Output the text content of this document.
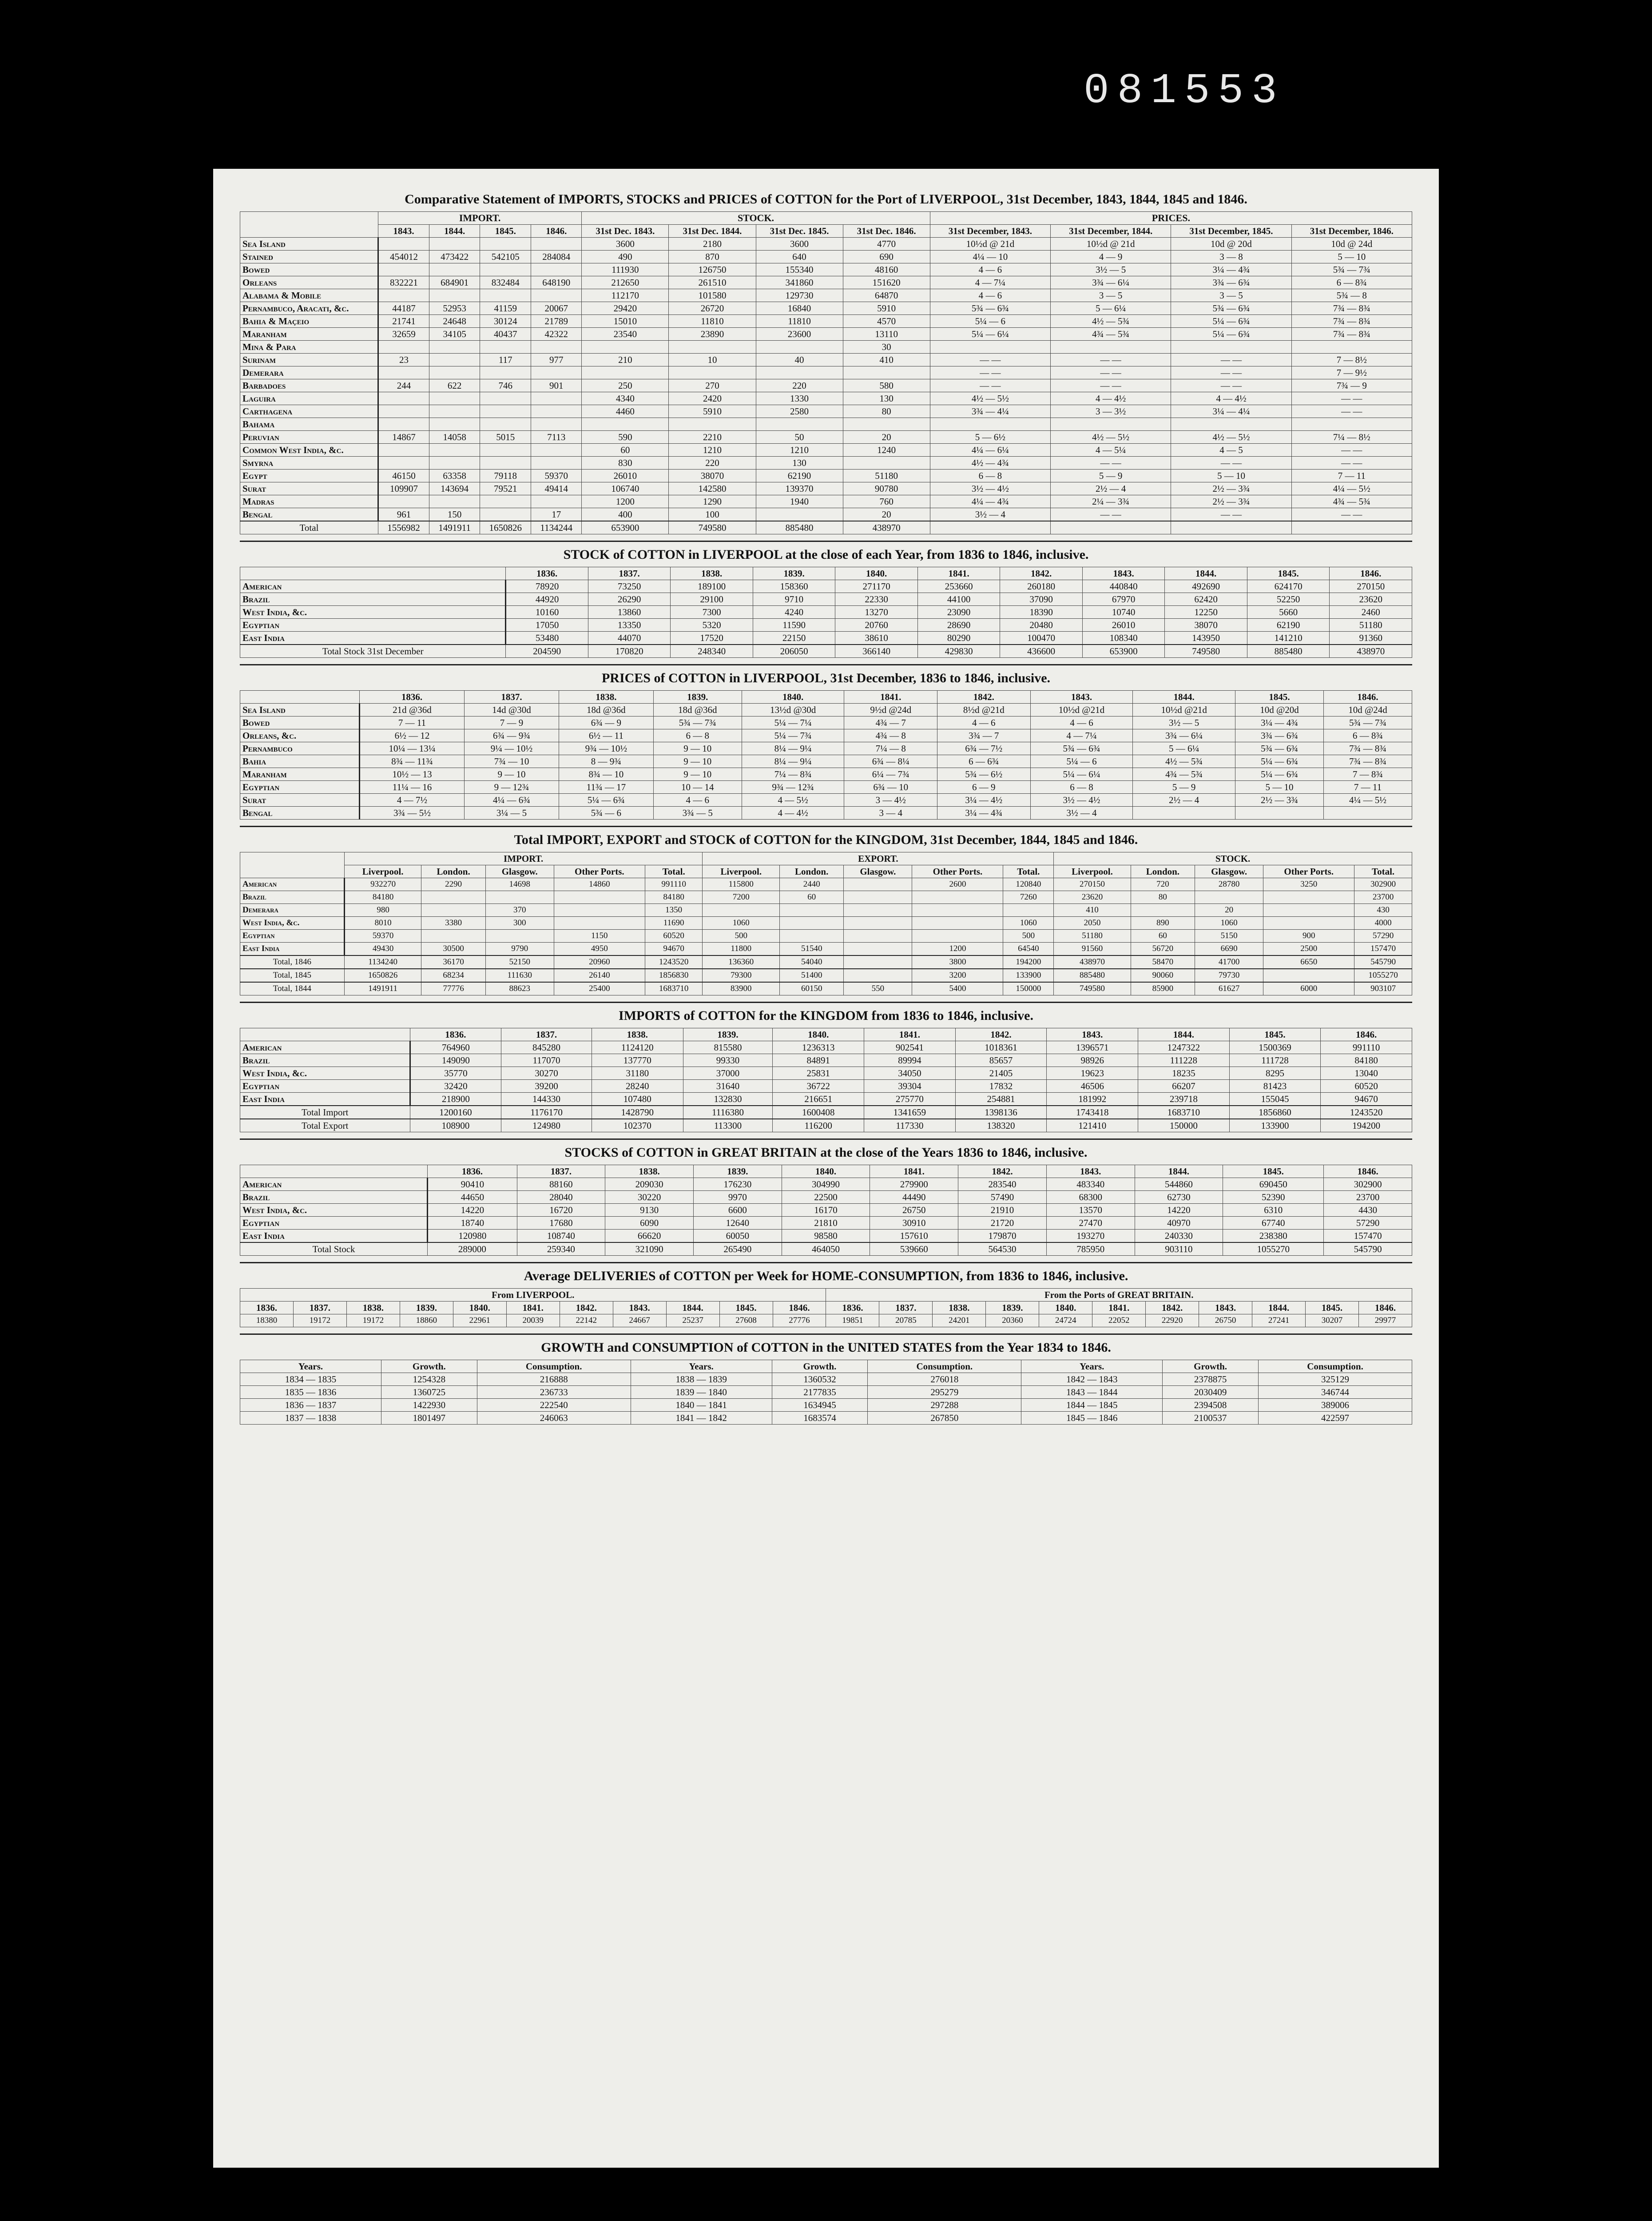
081553
Comparative Statement of IMPORTS, STOCKS and PRICES of COTTON for the Port of LIVERPOOL, 31st December, 1843, 1844, 1845 and 1846.
	IMPORT.				STOCK.				PRICES.			
	1843.	1844.	1845.	1846.	31st Dec. 1843.	31st Dec. 1844.	31st Dec. 1845.	31st Dec. 1846.	31st December, 1843.	31st December, 1844.	31st December, 1845.	31st December, 1846.
Sea Island					3600	2180	3600	4770	10½d @ 21d	10½d @ 21d	10d @ 20d	10d @ 24d
Stained	454012	473422	542105	284084	490	870	640	690	4¼ — 10	4 — 9	3 — 8	5 — 10
Bowed					111930	126750	155340	48160	4 — 6	3½ — 5	3¼ — 4¾	5¾ — 7¾
Orleans	832221	684901	832484	648190	212650	261510	341860	151620	4 — 7¼	3¾ — 6¼	3¾ — 6¾	6 — 8¾
Alabama & Mobile					112170	101580	129730	64870	4 — 6	3 — 5	3 — 5	5¾ — 8
Pernambuco, Aracati, &c.	44187	52953	41159	20067	29420	26720	16840	5910	5¾ — 6¾	5 — 6¼	5¾ — 6¾	7¾ — 8¾
Bahia & Maçeio	21741	24648	30124	21789	15010	11810	11810	4570	5¼ — 6	4½ — 5¾	5¼ — 6¾	7¾ — 8¾
Maranham	32659	34105	40437	42322	23540	23890	23600	13110	5¼ — 6¼	4¾ — 5¾	5¼ — 6¾	7¾ — 8¾
Mina & Para								30				
Surinam	23		117	977	210	10	40	410	— —	— —	— —	7 — 8½
Demerara									— —	— —	— —	7 — 9½
Barbadoes	244	622	746	901	250	270	220	580	— —	— —	— —	7¾ — 9
Laguira					4340	2420	1330	130	4½ — 5½	4 — 4½	4 — 4½	— —
Carthagena					4460	5910	2580	80	3¾ — 4¼	3 — 3½	3¼ — 4¼	— —
Bahama												
Peruvian	14867	14058	5015	7113	590	2210	50	20	5 — 6½	4½ — 5½	4½ — 5½	7¼ — 8½
Common West India, &c.					60	1210	1210	1240	4¼ — 6¼	4 — 5¼	4 — 5	— —
Smyrna					830	220	130		4½ — 4¾	— —	— —	— —
Egypt	46150	63358	79118	59370	26010	38070	62190	51180	6 — 8	5 — 9	5 — 10	7 — 11
Surat	109907	143694	79521	49414	106740	142580	139370	90780	3½ — 4½	2½ — 4	2½ — 3¾	4¼ — 5½
Madras					1200	1290	1940	760	4¼ — 4¾	2¼ — 3¾	2½ — 3¾	4¾ — 5¾
Bengal	961	150		17	400	100		20	3½ — 4	— —	— —	— —
Total	1556982	1491911	1650826	1134244	653900	749580	885480	438970				
STOCK of COTTON in LIVERPOOL at the close of each Year, from 1836 to 1846, inclusive.
	1836.	1837.	1838.	1839.	1840.	1841.	1842.	1843.	1844.	1845.	1846.
American	78920	73250	189100	158360	271170	253660	260180	440840	492690	624170	270150
Brazil	44920	26290	29100	9710	22330	44100	37090	67970	62420	52250	23620
West India, &c.	10160	13860	7300	4240	13270	23090	18390	10740	12250	5660	2460
Egyptian	17050	13350	5320	11590	20760	28690	20480	26010	38070	62190	51180
East India	53480	44070	17520	22150	38610	80290	100470	108340	143950	141210	91360
Total Stock 31st December	204590	170820	248340	206050	366140	429830	436600	653900	749580	885480	438970
PRICES of COTTON in LIVERPOOL, 31st December, 1836 to 1846, inclusive.
	1836.	1837.	1838.	1839.	1840.	1841.	1842.	1843.	1844.	1845.	1846.
Sea Island	21d @36d	14d @30d	18d @36d	18d @36d	13½d @30d	9½d @24d	8½d @21d	10½d @21d	10½d @21d	10d @20d	10d @24d
Bowed	7 — 11	7 — 9	6¾ — 9	5¾ — 7¾	5¼ — 7¼	4¾ — 7	4 — 6	4 — 6	3½ — 5	3¼ — 4¾	5¾ — 7¾
Orleans, &c.	6½ — 12	6¾ — 9¾	6½ — 11	6 — 8	5¼ — 7¾	4¾ — 8	3¾ — 7	4 — 7¼	3¾ — 6¼	3¾ — 6¾	6 — 8¾
Pernambuco	10¼ — 13¼	9¼ — 10½	9¾ — 10½	9 — 10	8¼ — 9¼	7¼ — 8	6¾ — 7½	5¾ — 6¾	5 — 6¼	5¾ — 6¾	7¾ — 8¾
Bahia	8¾ — 11¾	7¾ — 10	8 — 9¾	9 — 10	8¼ — 9¼	6¾ — 8¼	6 — 6¾	5¼ — 6	4½ — 5¾	5¼ — 6¾	7¾ — 8¾
Maranham	10½ — 13	9 — 10	8¾ — 10	9 — 10	7¼ — 8¾	6¼ — 7¾	5¾ — 6½	5¼ — 6¼	4¾ — 5¾	5¼ — 6¾	7 — 8¾
Egyptian	11¼ — 16	9 — 12¾	11¾ — 17	10 — 14	9¾ — 12¾	6¾ — 10	6 — 9	6 — 8	5 — 9	5 — 10	7 — 11
Surat	4 — 7½	4¼ — 6¾	5¼ — 6¾	4 — 6	4 — 5½	3 — 4½	3¼ — 4½	3½ — 4½	2½ — 4	2½ — 3¾	4¼ — 5½
Bengal	3¾ — 5½	3¼ — 5	5¾ — 6	3¾ — 5	4 — 4½	3 — 4	3¼ — 4¾	3½ — 4			
Total IMPORT, EXPORT and STOCK of COTTON for the KINGDOM, 31st December, 1844, 1845 and 1846.
	IMPORT.					EXPORT.					STOCK.				
	Liverpool.	London.	Glasgow.	Other Ports.	Total.	Liverpool.	London.	Glasgow.	Other Ports.	Total.	Liverpool.	London.	Glasgow.	Other Ports.	Total.
American	932270	2290	14698	14860	991110	115800	2440		2600	120840	270150	720	28780	3250	302900
Brazil	84180				84180	7200	60			7260	23620	80			23700
Demerara	980		370		1350						410		20		430
West India, &c.	8010	3380	300		11690	1060				1060	2050	890	1060		4000
Egyptian	59370			1150	60520	500				500	51180	60	5150	900	57290
East India	49430	30500	9790	4950	94670	11800	51540		1200	64540	91560	56720	6690	2500	157470
Total, 1846	1134240	36170	52150	20960	1243520	136360	54040		3800	194200	438970	58470	41700	6650	545790
Total, 1845	1650826	68234	111630	26140	1856830	79300	51400		3200	133900	885480	90060	79730		1055270
Total, 1844	1491911	77776	88623	25400	1683710	83900	60150	550	5400	150000	749580	85900	61627	6000	903107
IMPORTS of COTTON for the KINGDOM from 1836 to 1846, inclusive.
	1836.	1837.	1838.	1839.	1840.	1841.	1842.	1843.	1844.	1845.	1846.
American	764960	845280	1124120	815580	1236313	902541	1018361	1396571	1247322	1500369	991110
Brazil	149090	117070	137770	99330	84891	89994	85657	98926	111228	111728	84180
West India, &c.	35770	30270	31180	37000	25831	34050	21405	19623	18235	8295	13040
Egyptian	32420	39200	28240	31640	36722	39304	17832	46506	66207	81423	60520
East India	218900	144330	107480	132830	216651	275770	254881	181992	239718	155045	94670
Total Import	1200160	1176170	1428790	1116380	1600408	1341659	1398136	1743418	1683710	1856860	1243520
Total Export	108900	124980	102370	113300	116200	117330	138320	121410	150000	133900	194200
STOCKS of COTTON in GREAT BRITAIN at the close of the Years 1836 to 1846, inclusive.
	1836.	1837.	1838.	1839.	1840.	1841.	1842.	1843.	1844.	1845.	1846.
American	90410	88160	209030	176230	304990	279900	283540	483340	544860	690450	302900
Brazil	44650	28040	30220	9970	22500	44490	57490	68300	62730	52390	23700
West India, &c.	14220	16720	9130	6600	16170	26750	21910	13570	14220	6310	4430
Egyptian	18740	17680	6090	12640	21810	30910	21720	27470	40970	67740	57290
East India	120980	108740	66620	60050	98580	157610	179870	193270	240330	238380	157470
Total Stock	289000	259340	321090	265490	464050	539660	564530	785950	903110	1055270	545790
Average DELIVERIES of COTTON per Week for HOME-CONSUMPTION, from 1836 to 1846, inclusive.
From LIVERPOOL.											From the Ports of GREAT BRITAIN.										
1836.	1837.	1838.	1839.	1840.	1841.	1842.	1843.	1844.	1845.	1846.	1836.	1837.	1838.	1839.	1840.	1841.	1842.	1843.	1844.	1845.	1846.
18380	19172	19172	18860	22961	20039	22142	24667	25237	27608	27776	19851	20785	24201	20360	24724	22052	22920	26750	27241	30207	29977
GROWTH and CONSUMPTION of COTTON in the UNITED STATES from the Year 1834 to 1846.
Years.	Growth.	Consumption.	Years.	Growth.	Consumption.	Years.	Growth.	Consumption.
1834 — 1835	1254328	216888	1838 — 1839	1360532	276018	1842 — 1843	2378875	325129
1835 — 1836	1360725	236733	1839 — 1840	2177835	295279	1843 — 1844	2030409	346744
1836 — 1837	1422930	222540	1840 — 1841	1634945	297288	1844 — 1845	2394508	389006
1837 — 1838	1801497	246063	1841 — 1842	1683574	267850	1845 — 1846	2100537	422597
